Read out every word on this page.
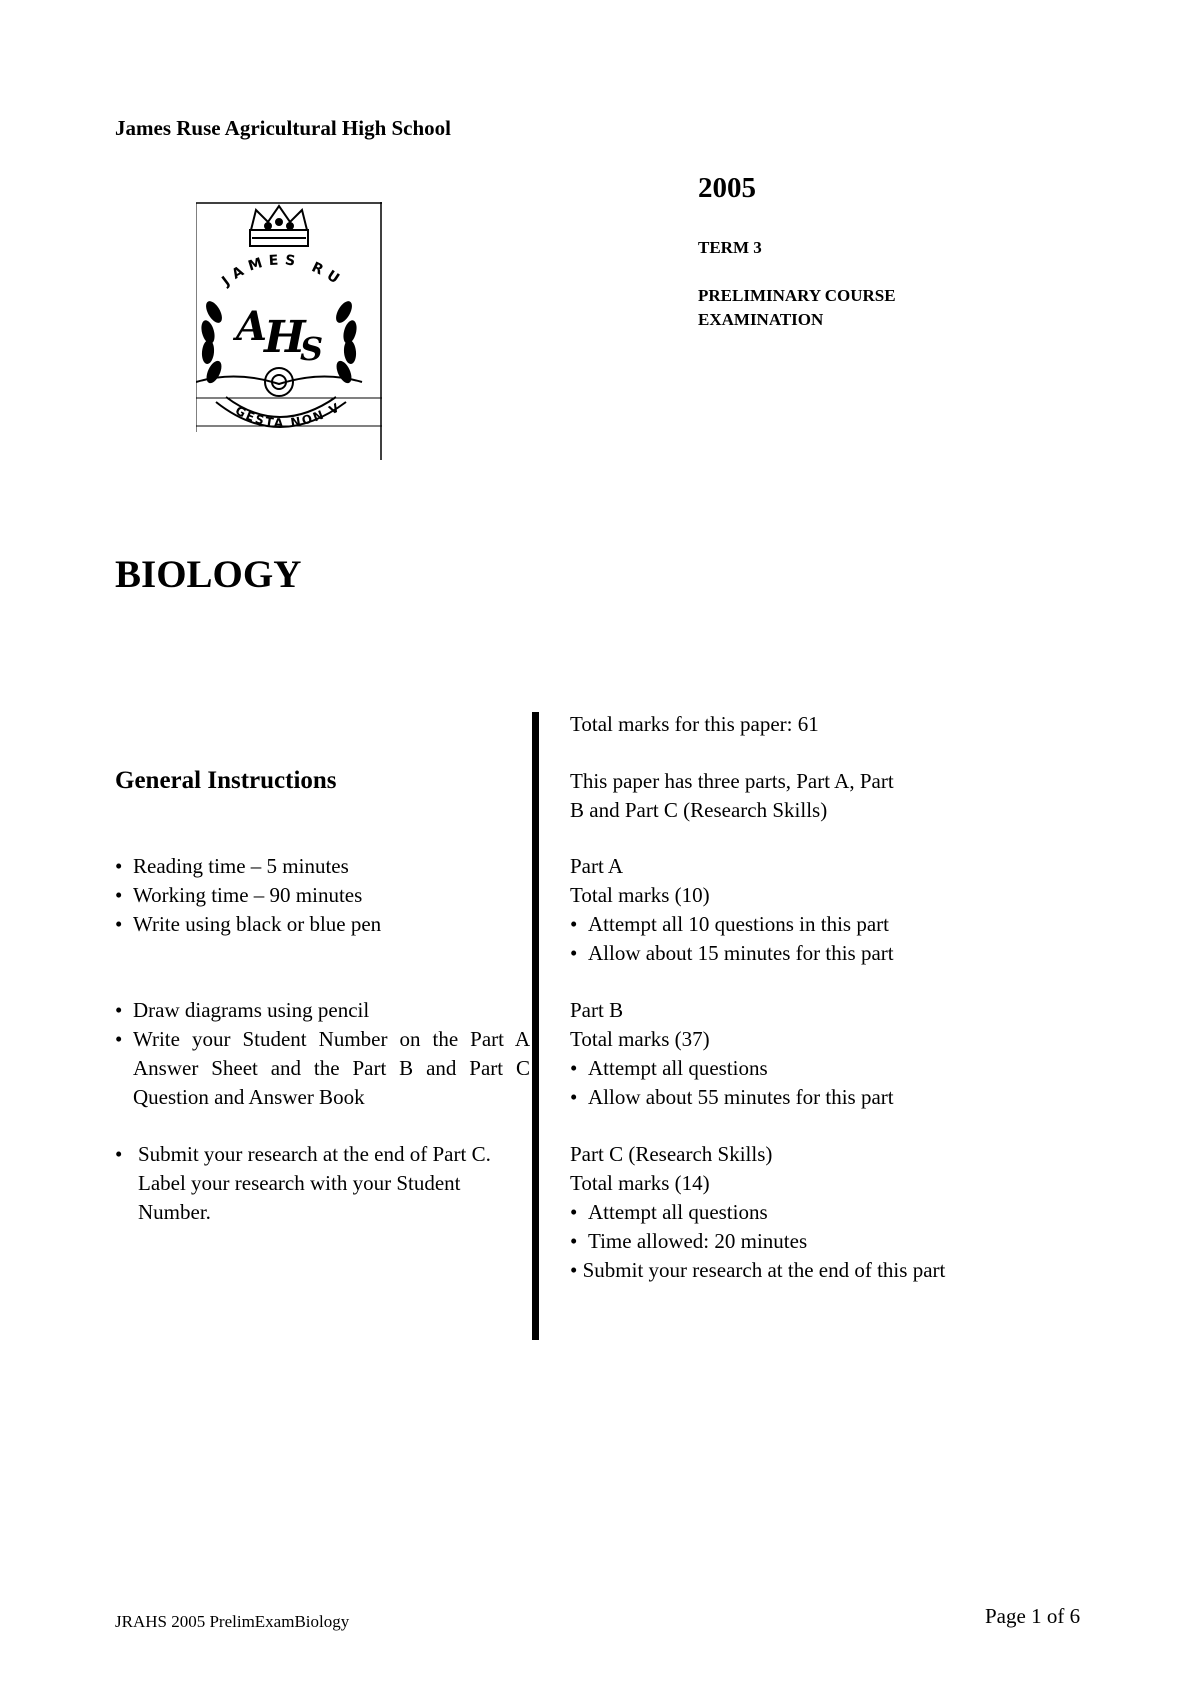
James Ruse Agricultural High School
2005
TERM 3
PRELIMINARY COURSE
EXAMINATION
JAMES RU
A
H
S
GESTA NON V
BIOLOGY
General Instructions
• Reading time – 5 minutes
• Working time – 90 minutes
• Write using black or blue pen
• Draw diagrams using pencil
• Write your Student Number on the Part A Answer Sheet and the Part B and Part C Question and Answer Book
• Submit your research at the end of Part C. Label your research with your Student Number.
Total marks for this paper: 61
This paper has three parts, Part A, Part
B and Part C (Research Skills)
Part A
Total marks (10)
• Attempt all 10 questions in this part
• Allow about 15 minutes for this part
Part B
Total marks (37)
• Attempt all questions
• Allow about 55 minutes for this part
Part C (Research Skills)
Total marks (14)
• Attempt all questions
• Time allowed: 20 minutes
• Submit your research at the end of this part
JRAHS 2005 PrelimExamBiology	Page 1 of 6
